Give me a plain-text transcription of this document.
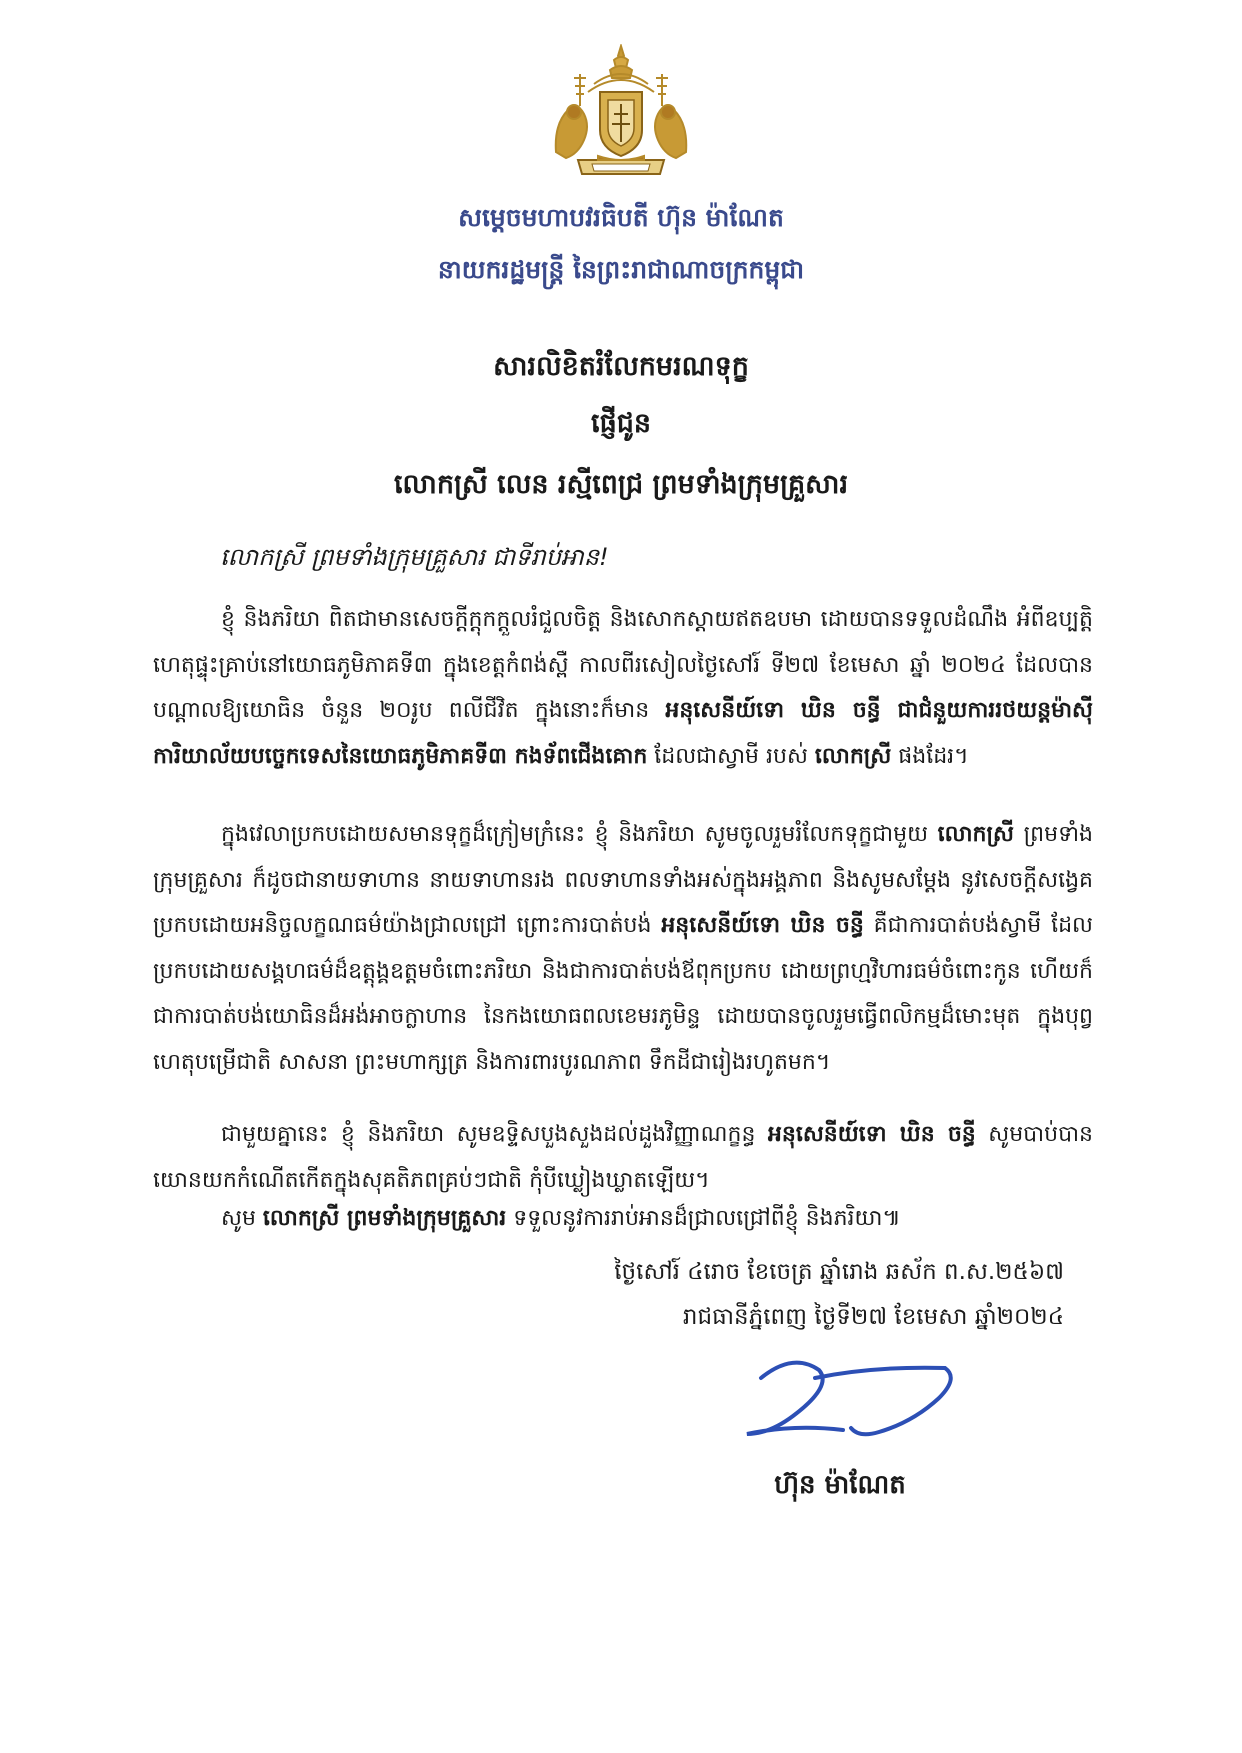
សម្តេចមហាបវរធិបតី ហ៊ុន ម៉ាណែត
នាយករដ្ឋមន្ត្រី នៃព្រះរាជាណាចក្រកម្ពុជា
សារលិខិតរំលែកមរណទុក្ខ
ផ្ញើជូន
លោកស្រី លេន រស្មីពេជ្រ ព្រមទាំងក្រុមគ្រួសារ
លោកស្រី ព្រមទាំងក្រុមគ្រួសារ ជាទីរាប់អាន!

ខ្ញុំ និងភរិយា ពិតជាមានសេចក្តីក្តុកក្តួលរំជួលចិត្ត និងសោកស្តាយឥតឧបមា ដោយបានទទួលដំណឹង អំពីឧប្បត្តិហេតុផ្ទុះគ្រាប់នៅយោធភូមិភាគទី៣ ក្នុងខេត្តកំពង់ស្ពឺ កាលពីរសៀលថ្ងៃសៅរ៍ ទី២៧ ខែមេសា ឆ្នាំ ២០២៤ ដែលបានបណ្តាលឱ្យយោធិន ចំនួន ២០រូប ពលីជីវិត ក្នុងនោះក៏មាន អនុសេនីយ៍ទោ ឃិន ចន្ធី ជាជំនួយការរថយន្តម៉ាស៊ី ការិយាល័យបច្ចេកទេសនៃយោធភូមិភាគទី៣ កងទ័ពជើងគោក ដែលជាស្វាមី របស់ លោកស្រី ផងដែរ។

ក្នុងវេលាប្រកបដោយសមានទុក្ខដ៏ក្រៀមក្រំនេះ ខ្ញុំ និងភរិយា សូមចូលរួមរំលែកទុក្ខជាមួយ លោកស្រី ព្រមទាំងក្រុមគ្រួសារ ក៏ដូចជានាយទាហាន នាយទាហានរង ពលទាហានទាំងអស់ក្នុងអង្គភាព និងសូមសម្តែង នូវសេចក្តីសង្វេគប្រកបដោយអនិច្ចលក្ខណធម៌យ៉ាងជ្រាលជ្រៅ ព្រោះការបាត់បង់ អនុសេនីយ៍ទោ ឃិន ចន្ធី គឺជាការបាត់បង់ស្វាមី ដែលប្រកបដោយសង្គហធម៌ដ៏ឧត្តុង្គឧត្តមចំពោះភរិយា និងជាការបាត់បង់ឪពុកប្រកប ដោយព្រហ្មវិហារធម៌ចំពោះកូន ហើយក៏ជាការបាត់បង់យោធិនដ៏អង់អាចក្លាហាន នៃកងយោធពលខេមរភូមិន្ទ ដោយបានចូលរួមធ្វើពលិកម្មដ៏មោះមុត ក្នុងបុព្វហេតុបម្រើជាតិ សាសនា ព្រះមហាក្សត្រ និងការពារបូរណភាព ទឹកដីជារៀងរហូតមក។

ជាមួយគ្នានេះ ខ្ញុំ និងភរិយា សូមឧទ្ទិសបួងសួងដល់ដួងវិញ្ញាណក្ខន្ធ អនុសេនីយ៍ទោ ឃិន ចន្ធី សូមបាប់បានយោនយកកំណើតកើតក្នុងសុគតិភពគ្រប់ៗជាតិ កុំបីឃ្លៀងឃ្លាតឡើយ។

សូម លោកស្រី ព្រមទាំងក្រុមគ្រួសារ ទទួលនូវការរាប់អានដ៏ជ្រាលជ្រៅពីខ្ញុំ និងភរិយា៕

ថ្ងៃសៅរ៍ ៤រោច ខែចេត្រ ឆ្នាំរោង ឆស័ក ព.ស.២៥៦៧
រាជធានីភ្នំពេញ ថ្ងៃទី២៧ ខែមេសា ឆ្នាំ២០២៤
ហ៊ុន ម៉ាណែត
